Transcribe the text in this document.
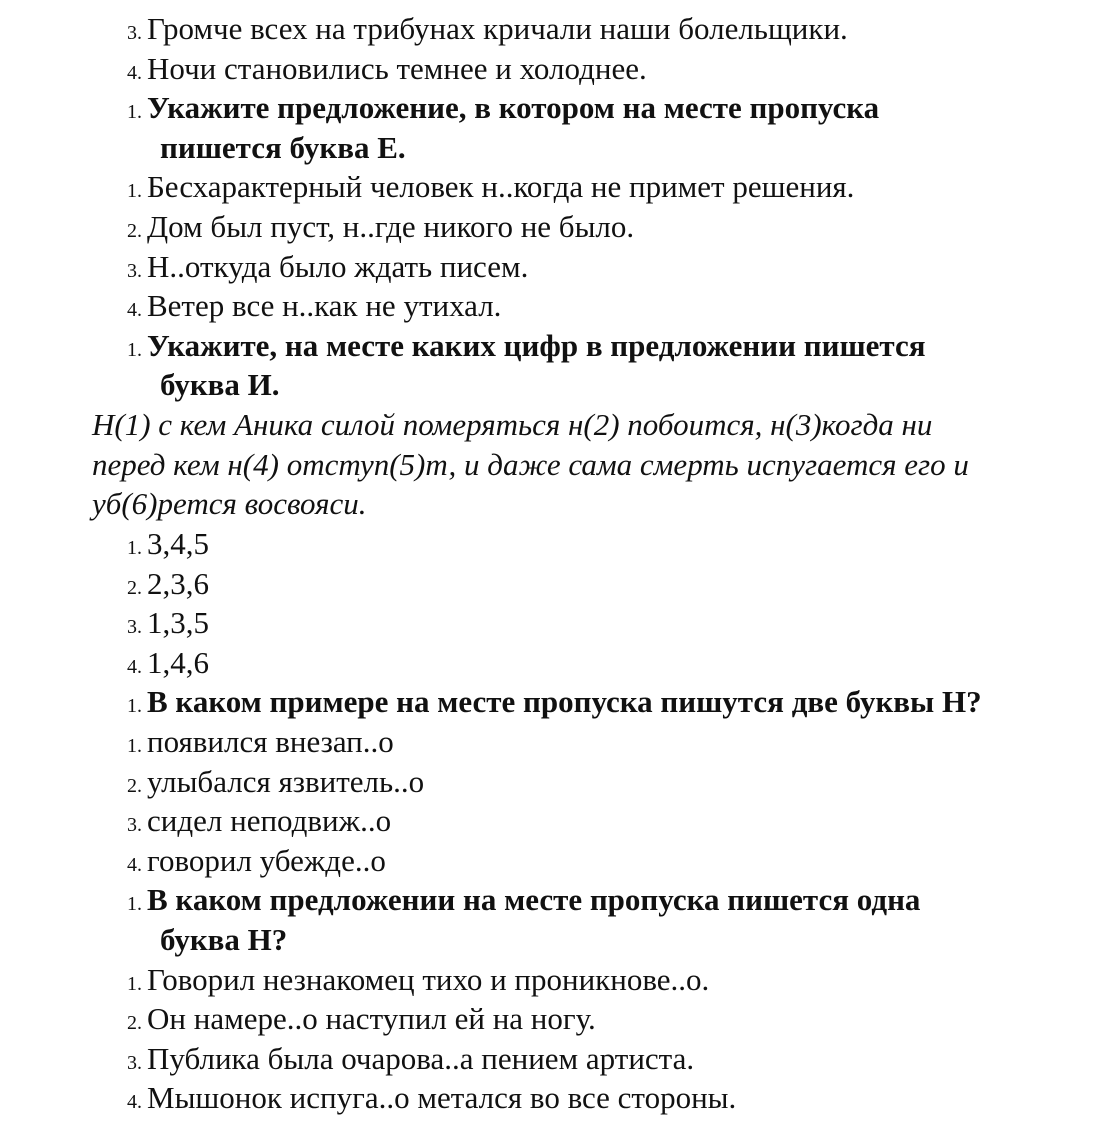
3. Громче всех на трибунах кричали наши болельщики.
4. Ночи становились темнее и холоднее.
1. Укажите предложение, в котором на месте пропуска
пишется буква Е.
1. Бесхарактерный человек н..когда не примет решения.
2. Дом был пуст, н..где никого не было.
3. Н..откуда было ждать писем.
4. Ветер все н..как не утихал.
1. Укажите, на месте каких цифр в предложении пишется
буква И.
Н(1) с кем Аника силой померяться н(2) побоится, н(3)когда ни
перед кем н(4) отступ(5)т, и даже сама смерть испугается его и
уб(6)рется восвояси.
1. 3,4,5
2. 2,3,6
3. 1,3,5
4. 1,4,6
1. В каком примере на месте пропуска пишутся две буквы Н?
1. появился внезап..о
2. улыбался язвитель..о
3. сидел неподвиж..о
4. говорил убежде..о
1. В каком предложении на месте пропуска пишется одна
буква Н?
1. Говорил незнакомец тихо и проникнове..о.
2. Он намере..о наступил ей на ногу.
3. Публика была очарова..а пением артиста.
4. Мышонок испуга..о метался во все стороны.
